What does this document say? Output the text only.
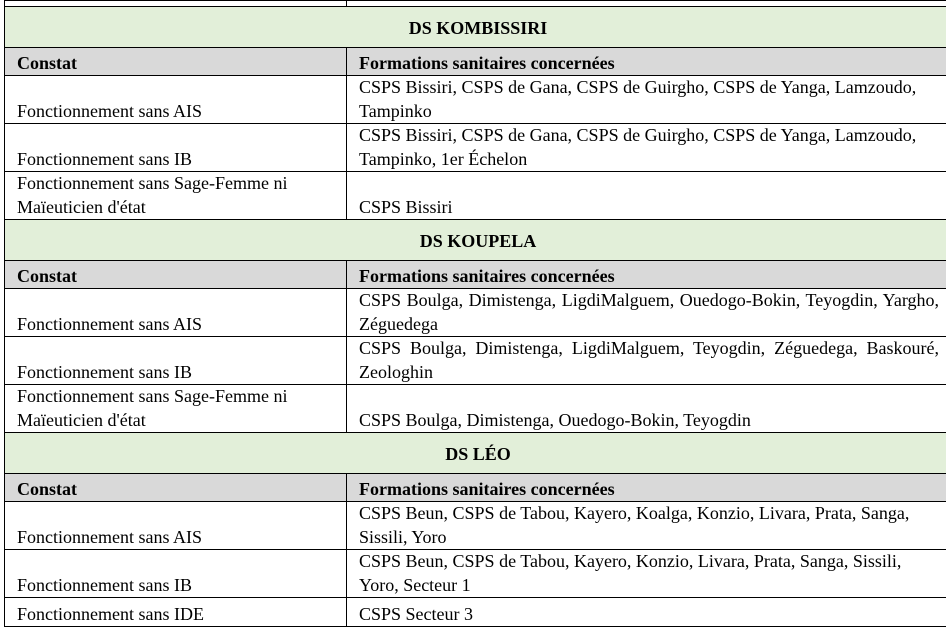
DS KOMBISSIRI	
Constat	Formations sanitaires concernées
Fonctionnement sans AIS	CSPS Bissiri, CSPS de Gana, CSPS de Guirgho, CSPS de Yanga, Lamzoudo, Tampinko
Fonctionnement sans IB	CSPS Bissiri, CSPS de Gana, CSPS de Guirgho, CSPS de Yanga, Lamzoudo, Tampinko, 1er Échelon
Fonctionnement sans Sage-Femme ni Maïeuticien d'état	CSPS Bissiri
DS KOUPELA	
Constat	Formations sanitaires concernées
Fonctionnement sans AIS	CSPS Boulga, Dimistenga, LigdiMalguem, Ouedogo-Bokin, Teyogdin, Yargho, Zéguedega
Fonctionnement sans IB	CSPS Boulga, Dimistenga, LigdiMalguem, Teyogdin, Zéguedega, Baskouré, Zeologhin
Fonctionnement sans Sage-Femme ni Maïeuticien d'état	CSPS Boulga, Dimistenga, Ouedogo-Bokin, Teyogdin
DS LÉO	
Constat	Formations sanitaires concernées
Fonctionnement sans AIS	CSPS Beun, CSPS de Tabou, Kayero, Koalga, Konzio, Livara, Prata, Sanga, Sissili, Yoro
Fonctionnement sans IB	CSPS Beun, CSPS de Tabou, Kayero, Konzio, Livara, Prata, Sanga, Sissili, Yoro, Secteur 1
Fonctionnement sans IDE	CSPS Secteur 3
